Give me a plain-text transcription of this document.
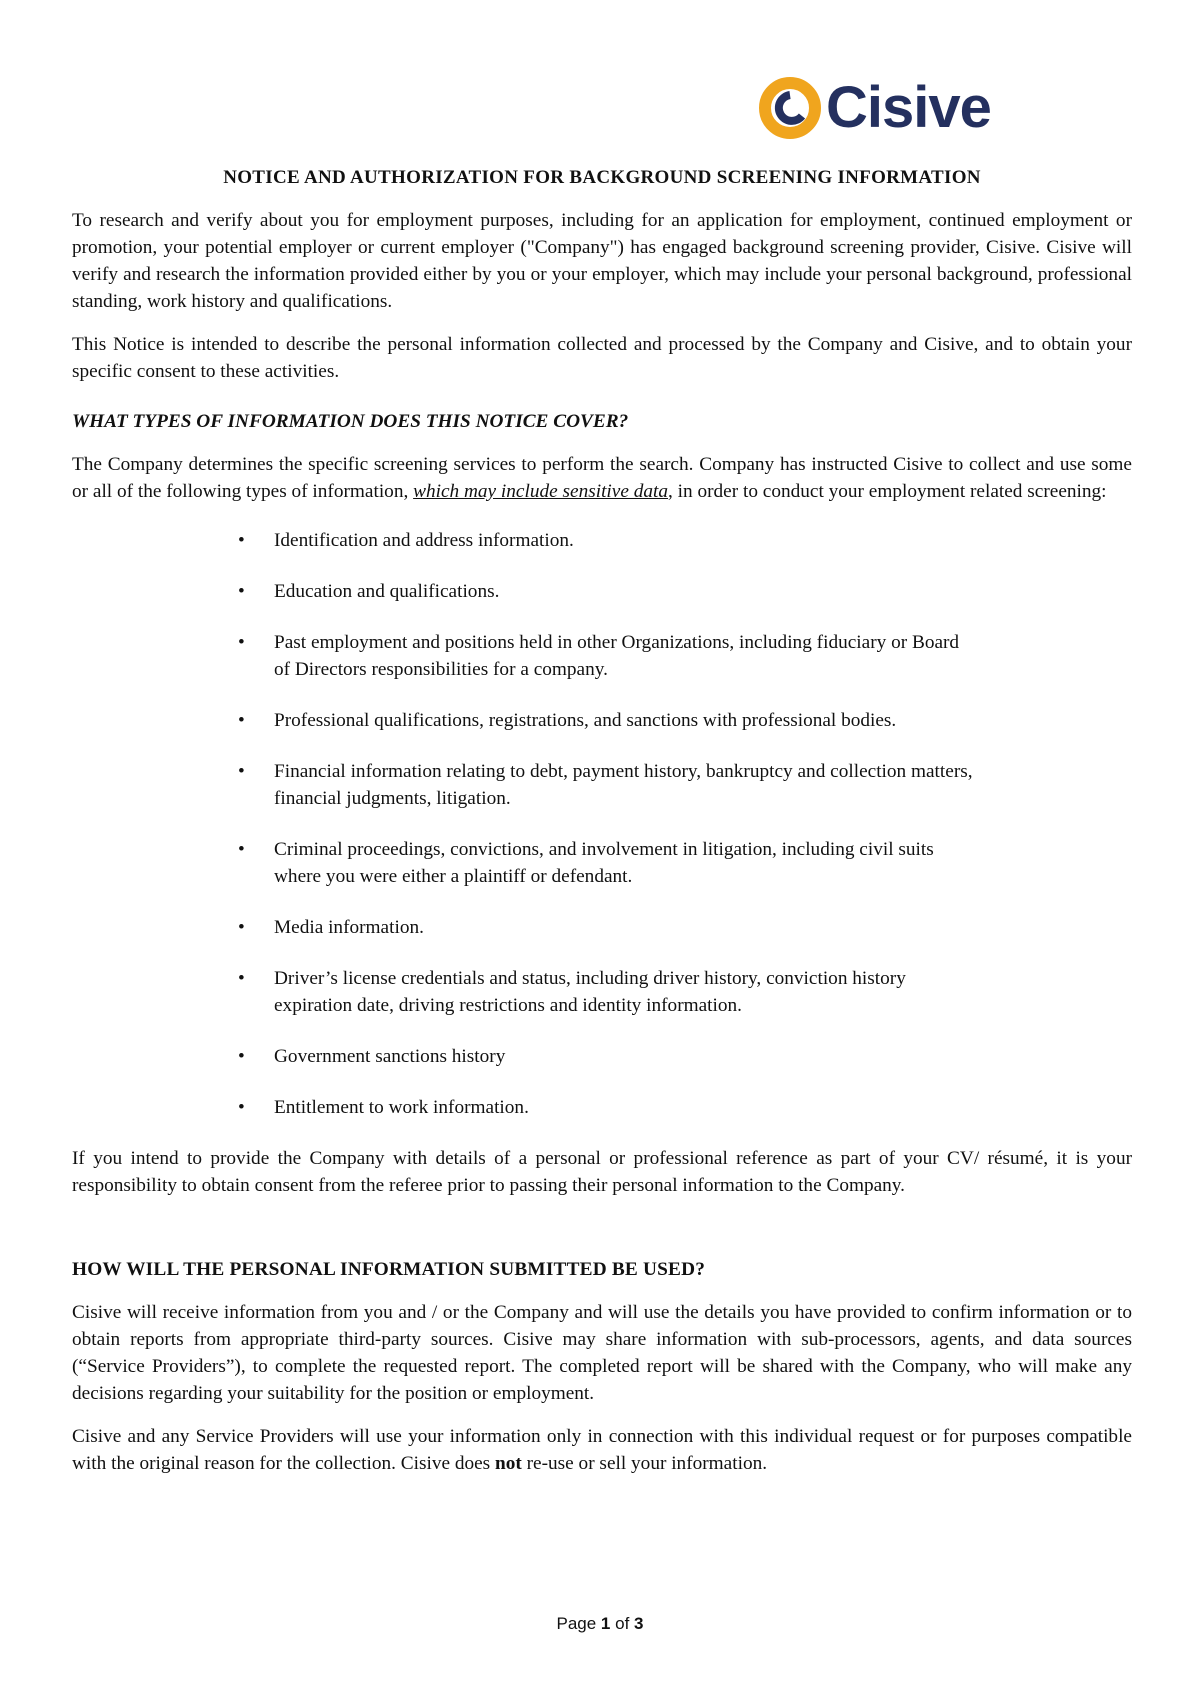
Cisive
NOTICE AND AUTHORIZATION FOR BACKGROUND SCREENING INFORMATION

To research and verify about you for employment purposes, including for an application for employment, continued employment or promotion, your potential employer or current employer ("Company") has engaged background screening provider, Cisive. Cisive will verify and research the information provided either by you or your employer, which may include your personal background, professional standing, work history and qualifications.

This Notice is intended to describe the personal information collected and processed by the Company and Cisive, and to obtain your specific consent to these activities.

WHAT TYPES OF INFORMATION DOES THIS NOTICE COVER?

The Company determines the specific screening services to perform the search. Company has instructed Cisive to collect and use some or all of the following types of information, which may include sensitive data, in order to conduct your employment related screening:

• Identification and address information.
• Education and qualifications.
• Past employment and positions held in other Organizations, including fiduciary or Board of Directors responsibilities for a company.
• Professional qualifications, registrations, and sanctions with professional bodies.
• Financial information relating to debt, payment history, bankruptcy and collection matters, financial judgments, litigation.
• Criminal proceedings, convictions, and involvement in litigation, including civil suits where you were either a plaintiff or defendant.
• Media information.
• Driver’s license credentials and status, including driver history, conviction history expiration date, driving restrictions and identity information.
• Government sanctions history
• Entitlement to work information.

If you intend to provide the Company with details of a personal or professional reference as part of your CV/ résumé, it is your responsibility to obtain consent from the referee prior to passing their personal information to the Company.

HOW WILL THE PERSONAL INFORMATION SUBMITTED BE USED?

Cisive will receive information from you and / or the Company and will use the details you have provided to confirm information or to obtain reports from appropriate third-party sources. Cisive may share information with sub-processors, agents, and data sources (“Service Providers”), to complete the requested report. The completed report will be shared with the Company, who will make any decisions regarding your suitability for the position or employment.

Cisive and any Service Providers will use your information only in connection with this individual request or for purposes compatible with the original reason for the collection. Cisive does not re-use or sell your information.

Page 1 of 3
